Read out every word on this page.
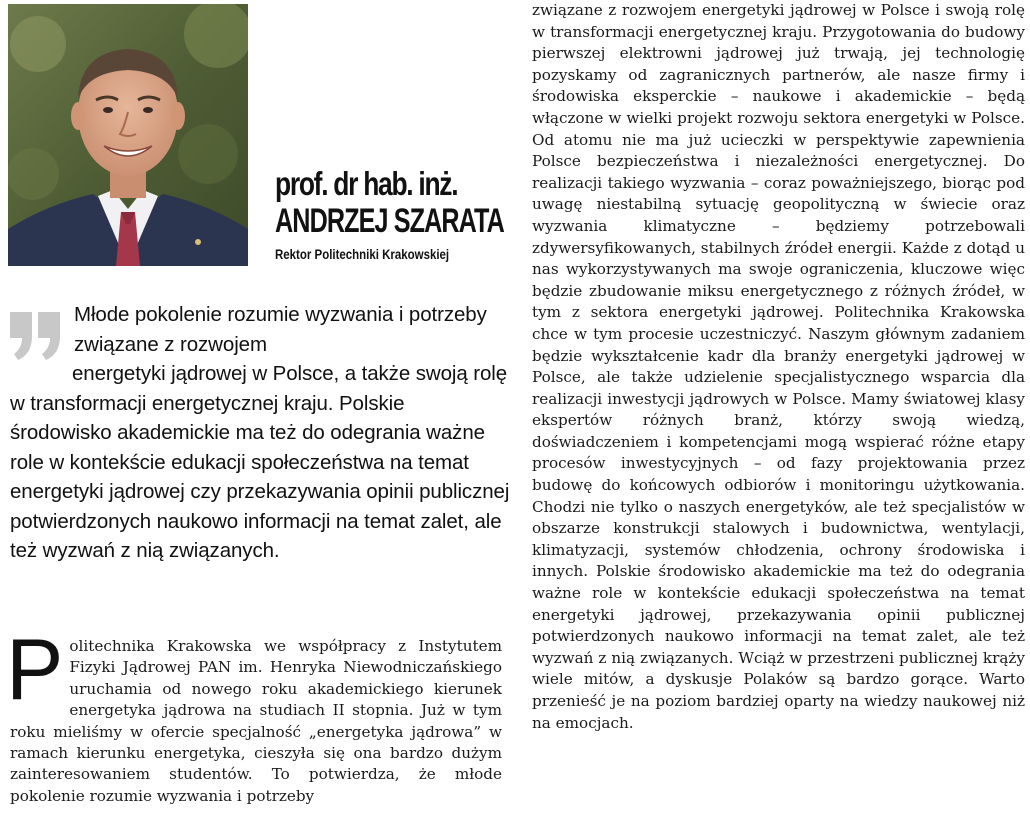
prof. dr hab. inż.
ANDRZEJ SZARATA
Rektor Politechniki Krakowskiej

Młode pokolenie rozumie wyzwania i potrzeby związane z rozwojem

energetyki jądrowej w Polsce, a także swoją rolę w transformacji energetycznej kraju. Polskie środowisko akademickie ma też do odegrania ważne role w kontekście edukacji społeczeństwa na temat energetyki jądrowej czy przekazywania opinii publicznej potwierdzonych naukowo informacji na temat zalet, ale też wyzwań z nią związanych.

P olitechnika Krakowska we współpracy z Instytutem Fizyki Jądrowej PAN im. Henryka Niewodniczańskiego uruchamia od nowego roku akademickiego kierunek energetyka jądrowa na studiach II stopnia. Już w tym roku mieliśmy w ofercie specjalność „energetyka jądrowa” w ramach kierunku energetyka, cieszyła się ona bardzo dużym zainteresowaniem studentów. To potwierdza, że młode pokolenie rozumie wyzwania i potrzeby

związane z rozwojem energetyki jądrowej w Polsce i swoją rolę w transformacji energetycznej kraju. Przygotowania do budowy pierwszej elektrowni jądrowej już trwają, jej technologię pozyskamy od zagranicznych partnerów, ale nasze firmy i środowiska eksperckie – naukowe i akademickie – będą włączone w wielki projekt rozwoju sektora energetyki w Polsce. Od atomu nie ma już ucieczki w perspektywie zapewnienia Polsce bezpieczeństwa i niezależności energetycznej. Do realizacji takiego wyzwania – coraz poważniejszego, biorąc pod uwagę niestabilną sytuację geopolityczną w świecie oraz wyzwania klimatyczne – będziemy potrzebowali zdywersyfikowanych, stabilnych źródeł energii. Każde z dotąd u nas wykorzystywanych ma swoje ograniczenia, kluczowe więc będzie zbudowanie miksu energetycznego z różnych źródeł, w tym z sektora energetyki jądrowej. Politechnika Krakowska chce w tym procesie uczestniczyć. Naszym głównym zadaniem będzie wykształcenie kadr dla branży energetyki jądrowej w Polsce, ale także udzielenie specjalistycznego wsparcia dla realizacji inwestycji jądrowych w Polsce. Mamy światowej klasy ekspertów różnych branż, którzy swoją wiedzą, doświadczeniem i kompetencjami mogą wspierać różne etapy procesów inwestycyjnych – od fazy projektowania przez budowę do końcowych odbiorów i monitoringu użytkowania. Chodzi nie tylko o naszych energetyków, ale też specjalistów w obszarze konstrukcji stalowych i budownictwa, wentylacji, klimatyzacji, systemów chłodzenia, ochrony środowiska i innych. Polskie środowisko akademickie ma też do odegrania ważne role w kontekście edukacji społeczeństwa na temat energetyki jądrowej, przekazywania opinii publicznej potwierdzonych naukowo informacji na temat zalet, ale też wyzwań z nią związanych. Wciąż w przestrzeni publicznej krąży wiele mitów, a dyskusje Polaków są bardzo gorące. Warto przenieść je na poziom bardziej oparty na wiedzy naukowej niż na emocjach.
